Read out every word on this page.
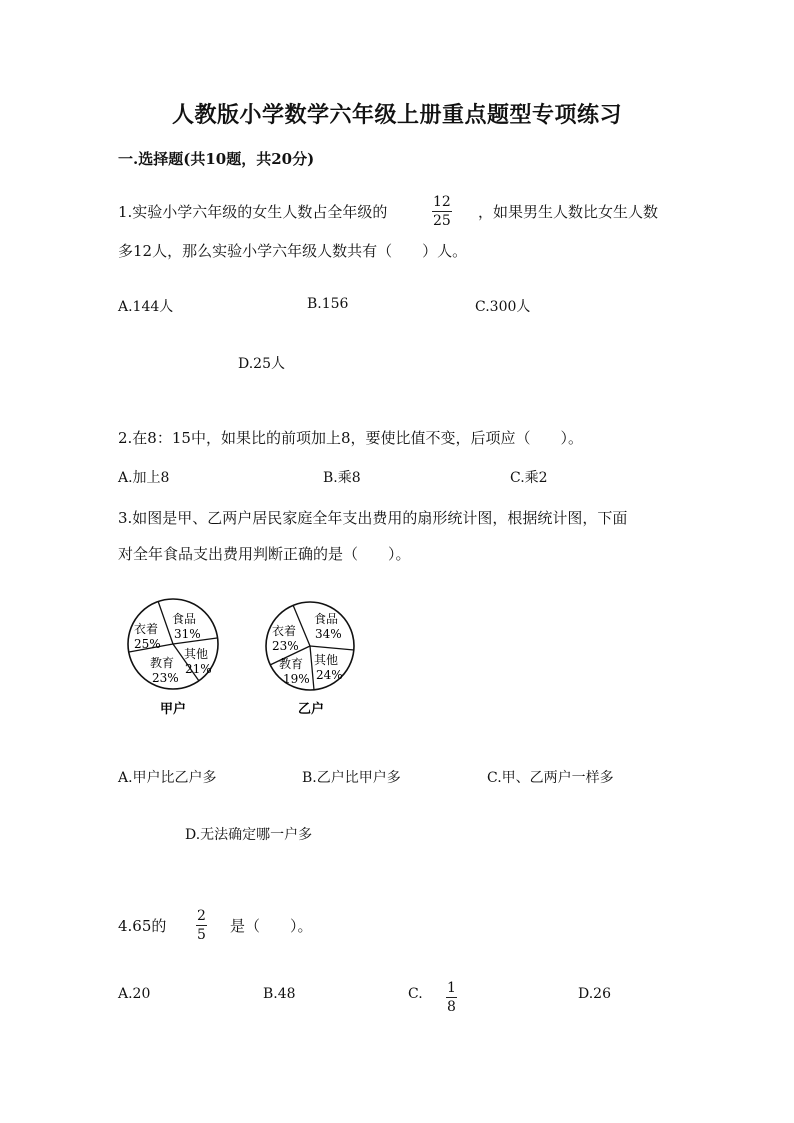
人教版小学数学六年级上册重点题型专项练习
一.选择题(共10题，共20分)
1.实验小学六年级的女生人数占全年级的
12
25 ，如果男生人数比女生人数
多12人，那么实验小学六年级人数共有（　　）人。
A.144人	B.156	C.300人
D.25人
2.在8：15中，如果比的前项加上8，要使比值不变，后项应（　　）。
A.加上8	B.乘8	C.乘2
3.如图是甲、乙两户居民家庭全年支出费用的扇形统计图，根据统计图，下面
对全年食品支出费用判断正确的是（　　）。
食品
31%
其他
21%
教育
23%
衣着
25%
甲户
食品
34%
其他
24%
教育
19%
衣着
23%
乙户
A.甲户比乙户多	B.乙户比甲户多	C.甲、乙两户一样多
D.无法确定哪一户多
4.65的
2
5 是（　　）。
A.20	B.48	C. 1
8
D.26
